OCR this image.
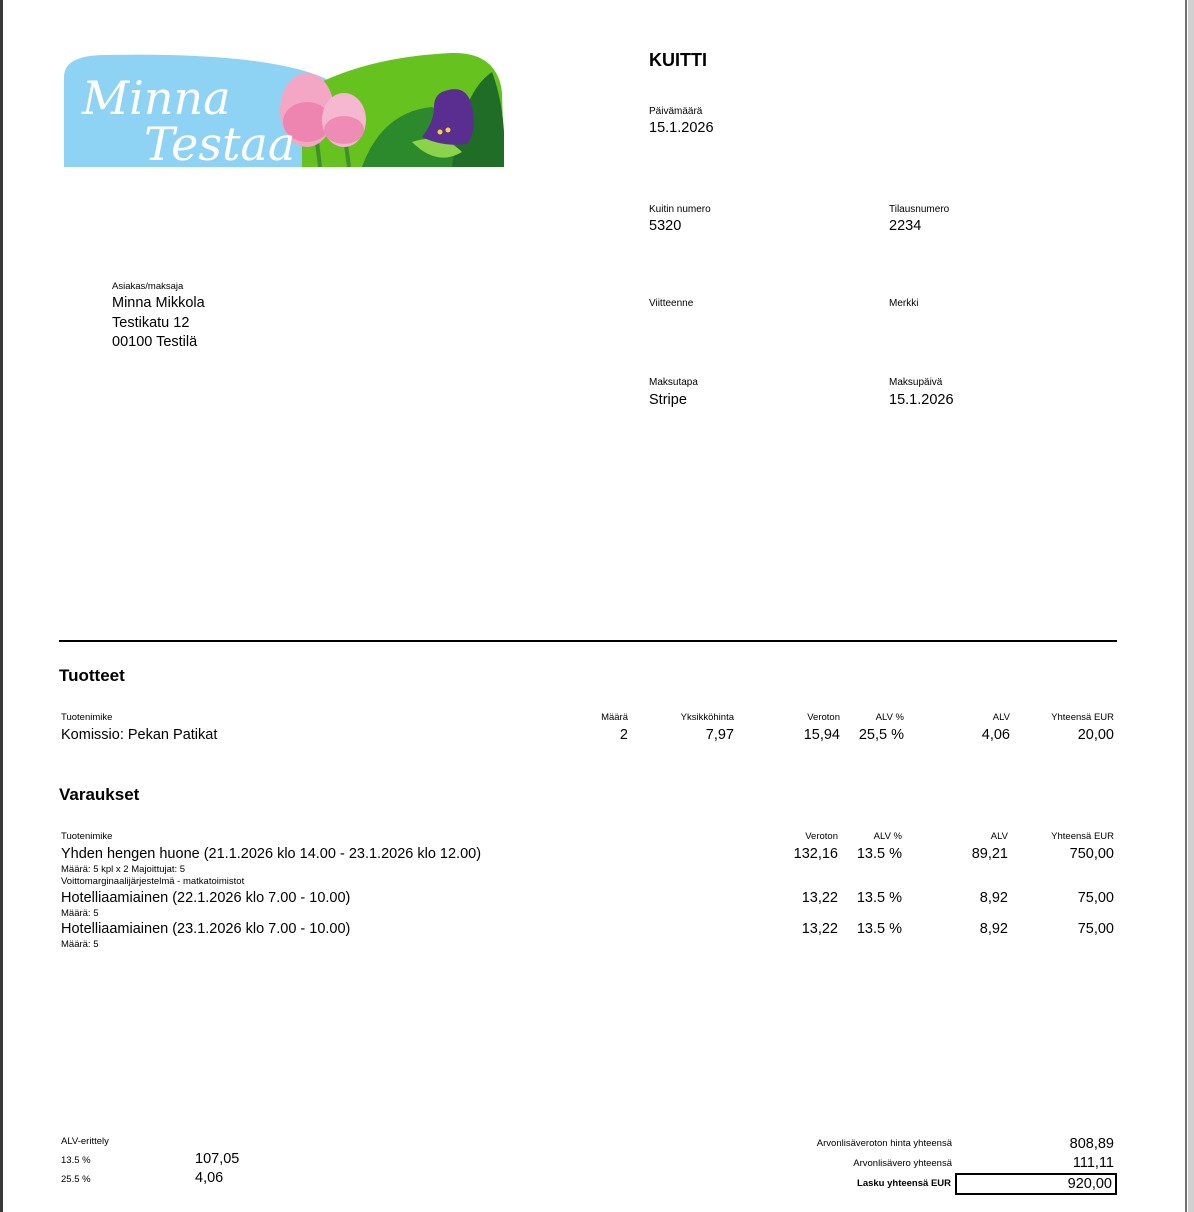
Minna
Testaa
KUITTI
Päivämäärä
15.1.2026
Kuitin numero
5320
Tilausnumero
2234
Viitteenne	Merkki
Maksutapa
Stripe
Maksupäivä
15.1.2026
Asiakas/maksaja
Minna Mikkola
Testikatu 12
00100 Testilä
Tuotteet
Tuotenimike	Määrä	Yksikköhinta	Veroton	ALV %	ALV	Yhteensä EUR
Komissio: Pekan Patikat	2	7,97	15,94	25,5 %	4,06	20,00
Varaukset
Tuotenimike	Veroton	ALV %	ALV	Yhteensä EUR
Yhden hengen huone (21.1.2026 klo 14.00 - 23.1.2026 klo 12.00)
Määrä: 5 kpl x 2 Majoittujat: 5
Voittomarginaalijärjestelmä - matkatoimistot
132,16	13.5 %	89,21	750,00
Hotelliaamiainen (22.1.2026 klo 7.00 - 10.00)
Määrä: 5
13,22	13.5 %	8,92	75,00
Hotelliaamiainen (23.1.2026 klo 7.00 - 10.00)
Määrä: 5
13,22	13.5 %	8,92	75,00
ALV-erittely
13.5 %	107,05
25.5 %	4,06
Arvonlisäveroton hinta yhteensä	808,89
Arvonlisävero yhteensä	111,11
Lasku yhteensä EUR	920,00
